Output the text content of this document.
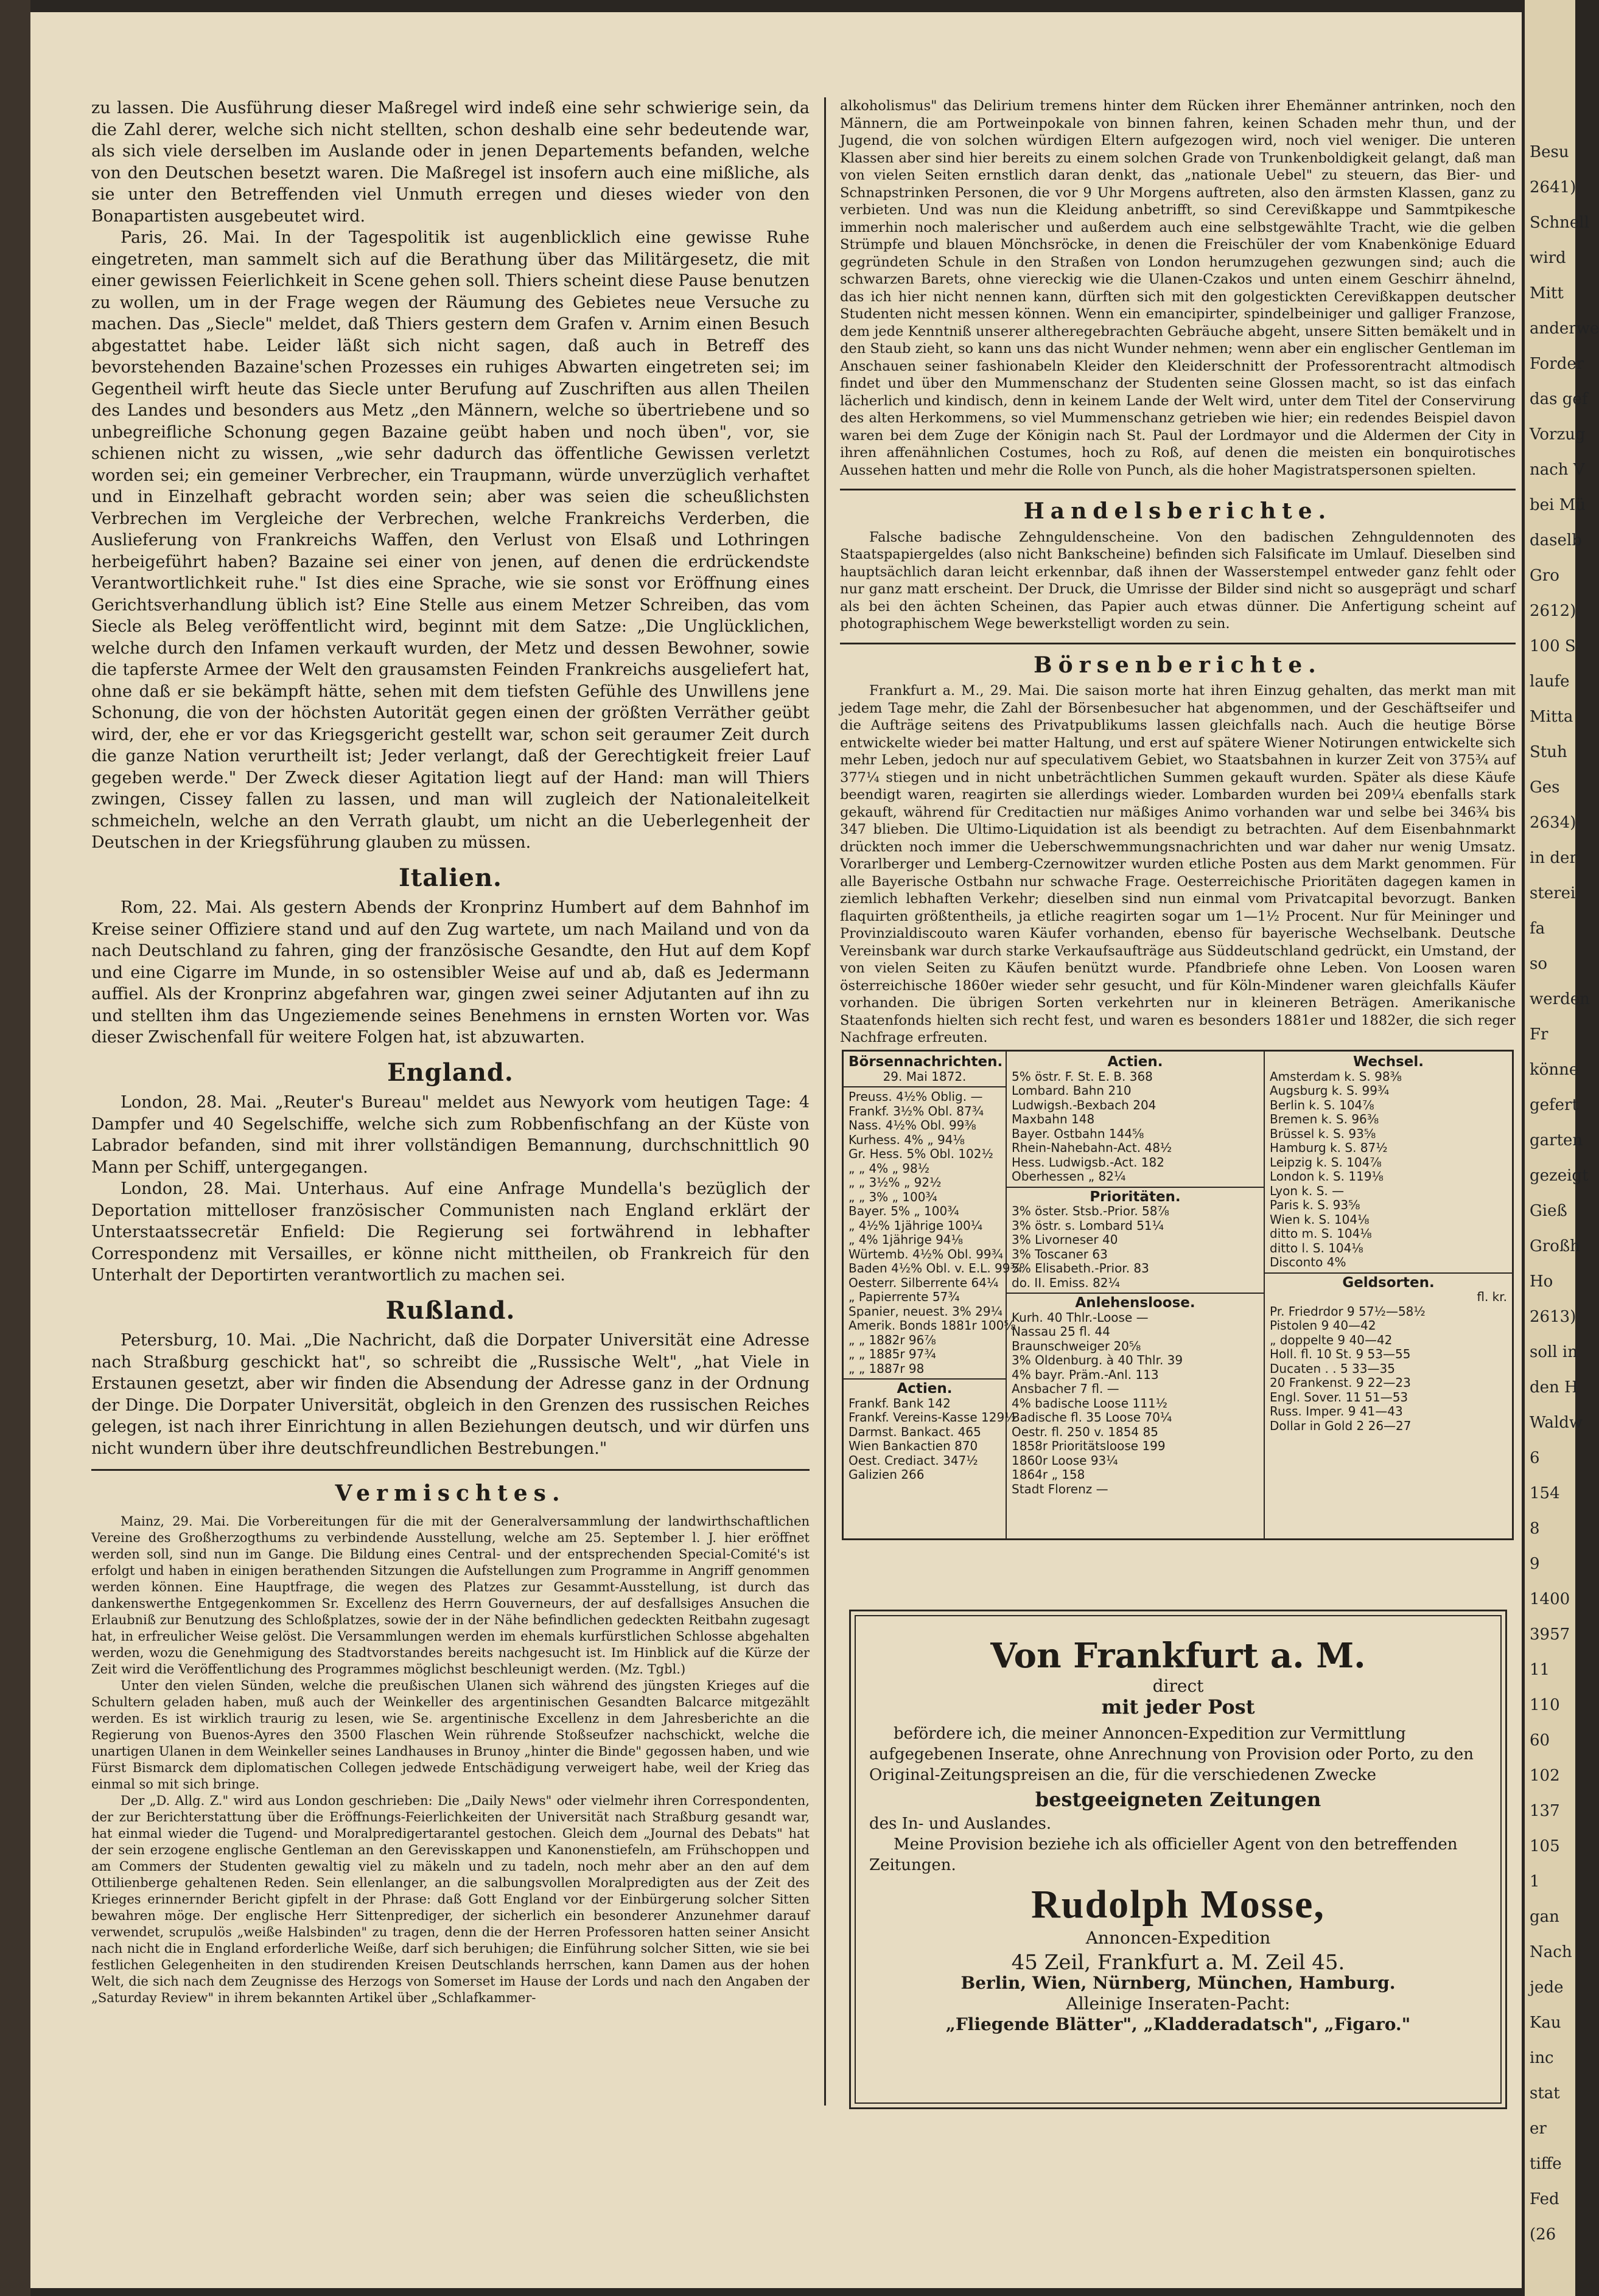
zu lassen. Die Ausführung dieser Maßregel wird indeß eine sehr schwierige sein, da die Zahl derer, welche sich nicht stellten, schon deshalb eine sehr bedeutende war, als sich viele derselben im Auslande oder in jenen Departements befanden, welche von den Deutschen besetzt waren. Die Maßregel ist insofern auch eine mißliche, als sie unter den Betreffenden viel Unmuth erregen und dieses wieder von den Bonapartisten ausgebeutet wird.

Paris, 26. Mai. In der Tagespolitik ist augenblicklich eine gewisse Ruhe eingetreten, man sammelt sich auf die Berathung über das Militärgesetz, die mit einer gewissen Feierlichkeit in Scene gehen soll. Thiers scheint diese Pause benutzen zu wollen, um in der Frage wegen der Räumung des Gebietes neue Versuche zu machen. Das „Siecle" meldet, daß Thiers gestern dem Grafen v. Arnim einen Besuch abgestattet habe. Leider läßt sich nicht sagen, daß auch in Betreff des bevorstehenden Bazaine'schen Prozesses ein ruhiges Abwarten eingetreten sei; im Gegentheil wirft heute das Siecle unter Berufung auf Zuschriften aus allen Theilen des Landes und besonders aus Metz „den Männern, welche so übertriebene und so unbegreifliche Schonung gegen Bazaine geübt haben und noch üben", vor, sie schienen nicht zu wissen, „wie sehr dadurch das öffentliche Gewissen verletzt worden sei; ein gemeiner Verbrecher, ein Traupmann, würde unverzüglich verhaftet und in Einzelhaft gebracht worden sein; aber was seien die scheußlichsten Verbrechen im Vergleiche der Verbrechen, welche Frankreichs Verderben, die Auslieferung von Frankreichs Waffen, den Verlust von Elsaß und Lothringen herbeigeführt haben? Bazaine sei einer von jenen, auf denen die erdrückendste Verantwortlichkeit ruhe." Ist dies eine Sprache, wie sie sonst vor Eröffnung eines Gerichtsverhandlung üblich ist? Eine Stelle aus einem Metzer Schreiben, das vom Siecle als Beleg veröffentlicht wird, beginnt mit dem Satze: „Die Unglücklichen, welche durch den Infamen verkauft wurden, der Metz und dessen Bewohner, sowie die tapferste Armee der Welt den grausamsten Feinden Frankreichs ausgeliefert hat, ohne daß er sie bekämpft hätte, sehen mit dem tiefsten Gefühle des Unwillens jene Schonung, die von der höchsten Autorität gegen einen der größten Verräther geübt wird, der, ehe er vor das Kriegsgericht gestellt war, schon seit geraumer Zeit durch die ganze Nation verurtheilt ist; Jeder verlangt, daß der Gerechtigkeit freier Lauf gegeben werde." Der Zweck dieser Agitation liegt auf der Hand: man will Thiers zwingen, Cissey fallen zu lassen, und man will zugleich der Nationaleitelkeit schmeicheln, welche an den Verrath glaubt, um nicht an die Ueberlegenheit der Deutschen in der Kriegsführung glauben zu müssen.

Italien.

Rom, 22. Mai. Als gestern Abends der Kronprinz Humbert auf dem Bahnhof im Kreise seiner Offiziere stand und auf den Zug wartete, um nach Mailand und von da nach Deutschland zu fahren, ging der französische Gesandte, den Hut auf dem Kopf und eine Cigarre im Munde, in so ostensibler Weise auf und ab, daß es Jedermann auffiel. Als der Kronprinz abgefahren war, gingen zwei seiner Adjutanten auf ihn zu und stellten ihm das Ungeziemende seines Benehmens in ernsten Worten vor. Was dieser Zwischenfall für weitere Folgen hat, ist abzuwarten.

England.

London, 28. Mai. „Reuter's Bureau" meldet aus Newyork vom heutigen Tage: 4 Dampfer und 40 Segelschiffe, welche sich zum Robbenfischfang an der Küste von Labrador befanden, sind mit ihrer vollständigen Bemannung, durchschnittlich 90 Mann per Schiff, untergegangen.

London, 28. Mai. Unterhaus. Auf eine Anfrage Mundella's bezüglich der Deportation mittelloser französischer Communisten nach England erklärt der Unterstaatssecretär Enfield: Die Regierung sei fortwährend in lebhafter Correspondenz mit Versailles, er könne nicht mittheilen, ob Frankreich für den Unterhalt der Deportirten verantwortlich zu machen sei.

Rußland.

Petersburg, 10. Mai. „Die Nachricht, daß die Dorpater Universität eine Adresse nach Straßburg geschickt hat", so schreibt die „Russische Welt", „hat Viele in Erstaunen gesetzt, aber wir finden die Absendung der Adresse ganz in der Ordnung der Dinge. Die Dorpater Universität, obgleich in den Grenzen des russischen Reiches gelegen, ist nach ihrer Einrichtung in allen Beziehungen deutsch, und wir dürfen uns nicht wundern über ihre deutschfreundlichen Bestrebungen."

Vermischtes.

Mainz, 29. Mai. Die Vorbereitungen für die mit der Generalversammlung der landwirthschaftlichen Vereine des Großherzogthums zu verbindende Ausstellung, welche am 25. September l. J. hier eröffnet werden soll, sind nun im Gange. Die Bildung eines Central- und der entsprechenden Special-Comité's ist erfolgt und haben in einigen berathenden Sitzungen die Aufstellungen zum Programme in Angriff genommen werden können. Eine Hauptfrage, die wegen des Platzes zur Gesammt-Ausstellung, ist durch das dankenswerthe Entgegenkommen Sr. Excellenz des Herrn Gouverneurs, der auf desfallsiges Ansuchen die Erlaubniß zur Benutzung des Schloßplatzes, sowie der in der Nähe befindlichen gedeckten Reitbahn zugesagt hat, in erfreulicher Weise gelöst. Die Versammlungen werden im ehemals kurfürstlichen Schlosse abgehalten werden, wozu die Genehmigung des Stadtvorstandes bereits nachgesucht ist. Im Hinblick auf die Kürze der Zeit wird die Veröffentlichung des Programmes möglichst beschleunigt werden. (Mz. Tgbl.)

Unter den vielen Sünden, welche die preußischen Ulanen sich während des jüngsten Krieges auf die Schultern geladen haben, muß auch der Weinkeller des argentinischen Gesandten Balcarce mitgezählt werden. Es ist wirklich traurig zu lesen, wie Se. argentinische Excellenz in dem Jahresberichte an die Regierung von Buenos-Ayres den 3500 Flaschen Wein rührende Stoßseufzer nachschickt, welche die unartigen Ulanen in dem Weinkeller seines Landhauses in Brunoy „hinter die Binde" gegossen haben, und wie Fürst Bismarck dem diplomatischen Collegen jedwede Entschädigung verweigert habe, weil der Krieg das einmal so mit sich bringe.

Der „D. Allg. Z." wird aus London geschrieben: Die „Daily News" oder vielmehr ihren Correspondenten, der zur Berichterstattung über die Eröffnungs-Feierlichkeiten der Universität nach Straßburg gesandt war, hat einmal wieder die Tugend- und Moralpredigertarantel gestochen. Gleich dem „Journal des Debats" hat der sein erzogene englische Gentleman an den Gerevisskappen und Kanonenstiefeln, am Frühschoppen und am Commers der Studenten gewaltig viel zu mäkeln und zu tadeln, noch mehr aber an den auf dem Ottilienberge gehaltenen Reden. Sein ellenlanger, an die salbungsvollen Moralpredigten aus der Zeit des Krieges erinnernder Bericht gipfelt in der Phrase: daß Gott England vor der Einbürgerung solcher Sitten bewahren möge. Der englische Herr Sittenprediger, der sicherlich ein besonderer Anzunehmer darauf verwendet, scrupulös „weiße Halsbinden" zu tragen, denn die der Herren Professoren hatten seiner Ansicht nach nicht die in England erforderliche Weiße, darf sich beruhigen; die Einführung solcher Sitten, wie sie bei festlichen Gelegenheiten in den studirenden Kreisen Deutschlands herrschen, kann Damen aus der hohen Welt, die sich nach dem Zeugnisse des Herzogs von Somerset im Hause der Lords und nach den Angaben der „Saturday Review" in ihrem bekannten Artikel über „Schlafkammer-

alkoholismus" das Delirium tremens hinter dem Rücken ihrer Ehemänner antrinken, noch den Männern, die am Portweinpokale von binnen fahren, keinen Schaden mehr thun, und der Jugend, die von solchen würdigen Eltern aufgezogen wird, noch viel weniger. Die unteren Klassen aber sind hier bereits zu einem solchen Grade von Trunkenboldigkeit gelangt, daß man von vielen Seiten ernstlich daran denkt, das „nationale Uebel" zu steuern, das Bier- und Schnapstrinken Personen, die vor 9 Uhr Morgens auftreten, also den ärmsten Klassen, ganz zu verbieten. Und was nun die Kleidung anbetrifft, so sind Cerevißkappe und Sammtpikesche immerhin noch malerischer und außerdem auch eine selbstgewählte Tracht, wie die gelben Strümpfe und blauen Mönchsröcke, in denen die Freischüler der vom Knabenkönige Eduard gegründeten Schule in den Straßen von London herumzugehen gezwungen sind; auch die schwarzen Barets, ohne viereckig wie die Ulanen-Czakos und unten einem Geschirr ähnelnd, das ich hier nicht nennen kann, dürften sich mit den golgestickten Cerevißkappen deutscher Studenten nicht messen können. Wenn ein emancipirter, spindelbeiniger und galliger Franzose, dem jede Kenntniß unserer altheregebrachten Gebräuche abgeht, unsere Sitten bemäkelt und in den Staub zieht, so kann uns das nicht Wunder nehmen; wenn aber ein englischer Gentleman im Anschauen seiner fashionabeln Kleider den Kleiderschnitt der Professorentracht altmodisch findet und über den Mummenschanz der Studenten seine Glossen macht, so ist das einfach lächerlich und kindisch, denn in keinem Lande der Welt wird, unter dem Titel der Conservirung des alten Herkommens, so viel Mummenschanz getrieben wie hier; ein redendes Beispiel davon waren bei dem Zuge der Königin nach St. Paul der Lordmayor und die Aldermen der City in ihren affenähnlichen Costumes, hoch zu Roß, auf denen die meisten ein bonquirotisches Aussehen hatten und mehr die Rolle von Punch, als die hoher Magistratspersonen spielten.

Handelsberichte.

Falsche badische Zehnguldenscheine. Von den badischen Zehnguldennoten des Staatspapiergeldes (also nicht Bankscheine) befinden sich Falsificate im Umlauf. Dieselben sind hauptsächlich daran leicht erkennbar, daß ihnen der Wasserstempel entweder ganz fehlt oder nur ganz matt erscheint. Der Druck, die Umrisse der Bilder sind nicht so ausgeprägt und scharf als bei den ächten Scheinen, das Papier auch etwas dünner. Die Anfertigung scheint auf photographischem Wege bewerkstelligt worden zu sein.

Börsenberichte.

Frankfurt a. M., 29. Mai. Die saison morte hat ihren Einzug gehalten, das merkt man mit jedem Tage mehr, die Zahl der Börsenbesucher hat abgenommen, und der Geschäftseifer und die Aufträge seitens des Privatpublikums lassen gleichfalls nach. Auch die heutige Börse entwickelte wieder bei matter Haltung, und erst auf spätere Wiener Notirungen entwickelte sich mehr Leben, jedoch nur auf speculativem Gebiet, wo Staatsbahnen in kurzer Zeit von 375¾ auf 377¼ stiegen und in nicht unbeträchtlichen Summen gekauft wurden. Später als diese Käufe beendigt waren, reagirten sie allerdings wieder. Lombarden wurden bei 209¼ ebenfalls stark gekauft, während für Creditactien nur mäßiges Animo vorhanden war und selbe bei 346¾ bis 347 blieben. Die Ultimo-Liquidation ist als beendigt zu betrachten. Auf dem Eisenbahnmarkt drückten noch immer die Ueberschwemmungsnachrichten und war daher nur wenig Umsatz. Vorarlberger und Lemberg-Czernowitzer wurden etliche Posten aus dem Markt genommen. Für alle Bayerische Ostbahn nur schwache Frage. Oesterreichische Prioritäten dagegen kamen in ziemlich lebhaften Verkehr; dieselben sind nun einmal vom Privatcapital bevorzugt. Banken flaquirten größtentheils, ja etliche reagirten sogar um 1—1½ Procent. Nur für Meininger und Provinzialdiscouto waren Käufer vorhanden, ebenso für bayerische Wechselbank. Deutsche Vereinsbank war durch starke Verkaufsaufträge aus Süddeutschland gedrückt, ein Umstand, der von vielen Seiten zu Käufen benützt wurde. Pfandbriefe ohne Leben. Von Loosen waren österreichische 1860er wieder sehr gesucht, und für Köln-Mindener waren gleichfalls Käufer vorhanden. Die übrigen Sorten verkehrten nur in kleineren Beträgen. Amerikanische Staatenfonds hielten sich recht fest, und waren es besonders 1881er und 1882er, die sich reger Nachfrage erfreuten.

Börsennachrichten.
29. Mai 1872.
Preuss. 4½% Oblig. —
Frankf. 3½% Obl. 87¾
Nass. 4½% Obl. 99⅜
Kurhess. 4% „ 94⅛
Gr. Hess. 5% Obl. 102½
„ „ 4% „ 98½
„ „ 3½% „ 92½
„ „ 3% „ 100¾
Bayer. 5% „ 100¾
„ 4½% 1jährige 100¼
„ 4% 1jährige 94⅛
Würtemb. 4½% Obl. 99¾
Baden 4½% Obl. v. E.L. 99¾
Oesterr. Silberrente 64¼
„ Papierrente 57¾
Spanier, neuest. 3% 29¼
Amerik. Bonds 1881r 100⅝
„ „ 1882r 96⅞
„ „ 1885r 97¾
„ „ 1887r 98
Actien.
Frankf. Bank 142
Frankf. Vereins-Kasse 129½
Darmst. Bankact. 465
Wien Bankactien 870
Oest. Crediact. 347½
Galizien 266
Actien.
5% östr. F. St. E. B. 368
Lombard. Bahn 210
Ludwigsh.-Bexbach 204
Maxbahn 148
Bayer. Ostbahn 144⅝
Rhein-Nahebahn-Act. 48½
Hess. Ludwigsb.-Act. 182
Oberhessen „ 82¼
Prioritäten.
3% öster. Stsb.-Prior. 58⅞
3% östr. s. Lombard 51¼
3% Livorneser 40
3% Toscaner 63
5% Elisabeth.-Prior. 83
do. II. Emiss. 82¼
Anlehensloose.
Kurh. 40 Thlr.-Loose —
Nassau 25 fl. 44
Braunschweiger 20⅝
3% Oldenburg. à 40 Thlr. 39
4% bayr. Präm.-Anl. 113
Ansbacher 7 fl. —
4% badische Loose 111½
Badische fl. 35 Loose 70¼
Oestr. fl. 250 v. 1854 85
1858r Prioritätsloose 199
1860r Loose 93¼
1864r „ 158
Stadt Florenz —
Wechsel.
Amsterdam k. S. 98⅜
Augsburg k. S. 99¾
Berlin k. S. 104⅞
Bremen k. S. 96⅜
Brüssel k. S. 93⅝
Hamburg k. S. 87½
Leipzig k. S. 104⅞
London k. S. 119⅛
Lyon k. S. —
Paris k. S. 93⅝
Wien k. S. 104⅛
ditto m. S. 104⅛
ditto l. S. 104⅛
Disconto 4%
Geldsorten.
fl. kr.
Pr. Friedrdor 9 57½—58½
Pistolen 9 40—42
„ doppelte 9 40—42
Holl. fl. 10 St. 9 53—55
Ducaten . . 5 33—35
20 Frankenst. 9 22—23
Engl. Sover. 11 51—53
Russ. Imper. 9 41—43
Dollar in Gold 2 26—27
Von Frankfurt a. M.
direct
mit jeder Post
befördere ich, die meiner Annoncen-Expedition zur Vermittlung aufgegebenen Inserate, ohne Anrechnung von Provision oder Porto, zu den Original-Zeitungspreisen an die, für die verschiedenen Zwecke
bestgeeigneten Zeitungen
des In- und Auslandes.
Meine Provision beziehe ich als officieller Agent von den betreffenden Zeitungen.
Rudolph Mosse,
Annoncen-Expedition
45 Zeil, Frankfurt a. M. Zeil 45.
Berlin, Wien, Nürnberg, München, Hamburg.
Alleinige Inseraten-Pacht:
„Fliegende Blätter", „Kladderadatsch", „Figaro."
Besu
2641)
Schnell
wird
Mitt
anderwe
Forder
das gef
Vorzug
nach V
bei Mü
daselb
Gro
2612)
100 S
laufe
Mitta
Stuh
Ges
2634)
in der
sterei
fa
so
werden
Fr
könne
gefert
garten
gezeigt
Gieß
Großh
Ho
2613)
soll in
den H
Waldw
6
154
8
9
1400
3957
11
110
60
102
137
105
1
gan
Nach
jede
Kau
inc
stat
er
tiffe
Fed
(26
